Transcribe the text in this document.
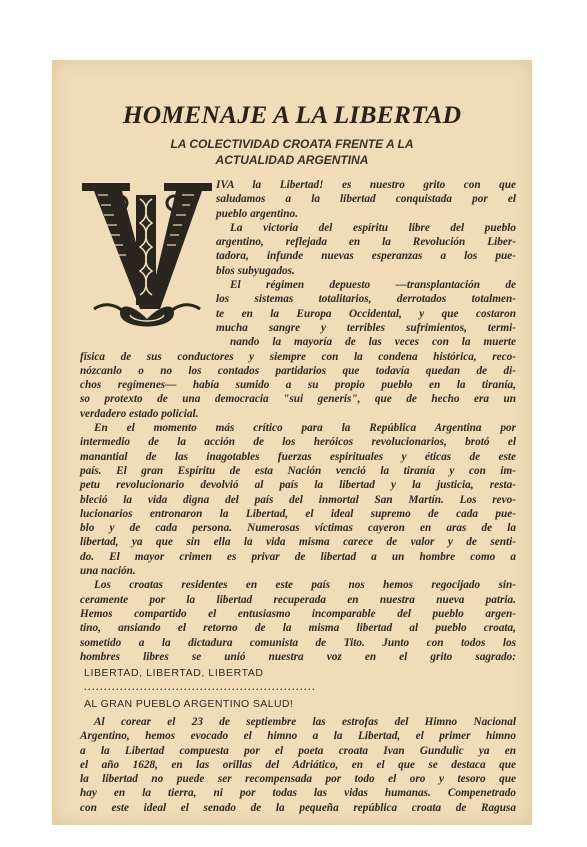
HOMENAJE A LA LIBERTAD
LA COLECTIVIDAD CROATA FRENTE A LA
ACTUALIDAD ARGENTINA
IVA la Libertad! es nuestro grito con que
saludamos a la libertad conquistada por el
pueblo argentino.
La victoria del espíritu libre del pueblo
argentino, reflejada en la Revolución Liber-
tadora, infunde nuevas esperanzas a los pue-
blos subyugados.
El régimen depuesto —transplantación de
los sistemas totalitarios, derrotados totalmen-
te en la Europa Occidental, y que costaron
mucha sangre y terribles sufrimientos, termi-
nando la mayoría de las veces con la muerte
física de sus conductores y siempre con la condena histórica, reco-
nózcanlo o no los contados partidarios que todavía quedan de di-
chos regímenes— había sumido a su propio pueblo en la tiranía,
so protexto de una democracia "sui generis", que de hecho era un
verdadero estado policial.
En el momento más crítico para la República Argentina por
intermedio de la acción de los heróicos revolucionarios, brotó el
manantial de las inagotables fuerzas espirituales y éticas de este
país. El gran Espíritu de esta Nación venció la tiranía y con im-
petu revolucionario devolvió al país la libertad y la justicia, resta-
bleció la vida digna del país del inmortal San Martín. Los revo-
lucionarios entronaron la Libertad, el ideal supremo de cada pue-
blo y de cada persona. Numerosas víctimas cayeron en aras de la
libertad, ya que sin ella la vida misma carece de valor y de senti-
do. El mayor crimen es privar de libertad a un hombre como a
una nación.
Los croatas residentes en este país nos hemos regocijado sin-
ceramente por la libertad recuperada en nuestra nueva patria.
Hemos compartido el entusiasmo incomparable del pueblo argen-
tino, ansiando el retorno de la misma libertad al pueblo croata,
sometido a la dictadura comunista de Tito. Junto con todos los
hombres libres se unió nuestra voz en el grito sagrado:
LIBERTAD, LIBERTAD, LIBERTAD
..........................................................
AL GRAN PUEBLO ARGENTINO SALUD!
Al corear el 23 de septiembre las estrofas del Himno Nacional
Argentino, hemos evocado el himno a la Libertad, el primer himno
a la Libertad compuesta por el poeta croata Ivan Gundulic ya en
el año 1628, en las orillas del Adriático, en el que se destaca que
la libertad no puede ser recompensada por todo el oro y tesoro que
hay en la tierra, ni por todas las vidas humanas. Compenetrado
con este ideal el senado de la pequeña república croata de Ragusa
